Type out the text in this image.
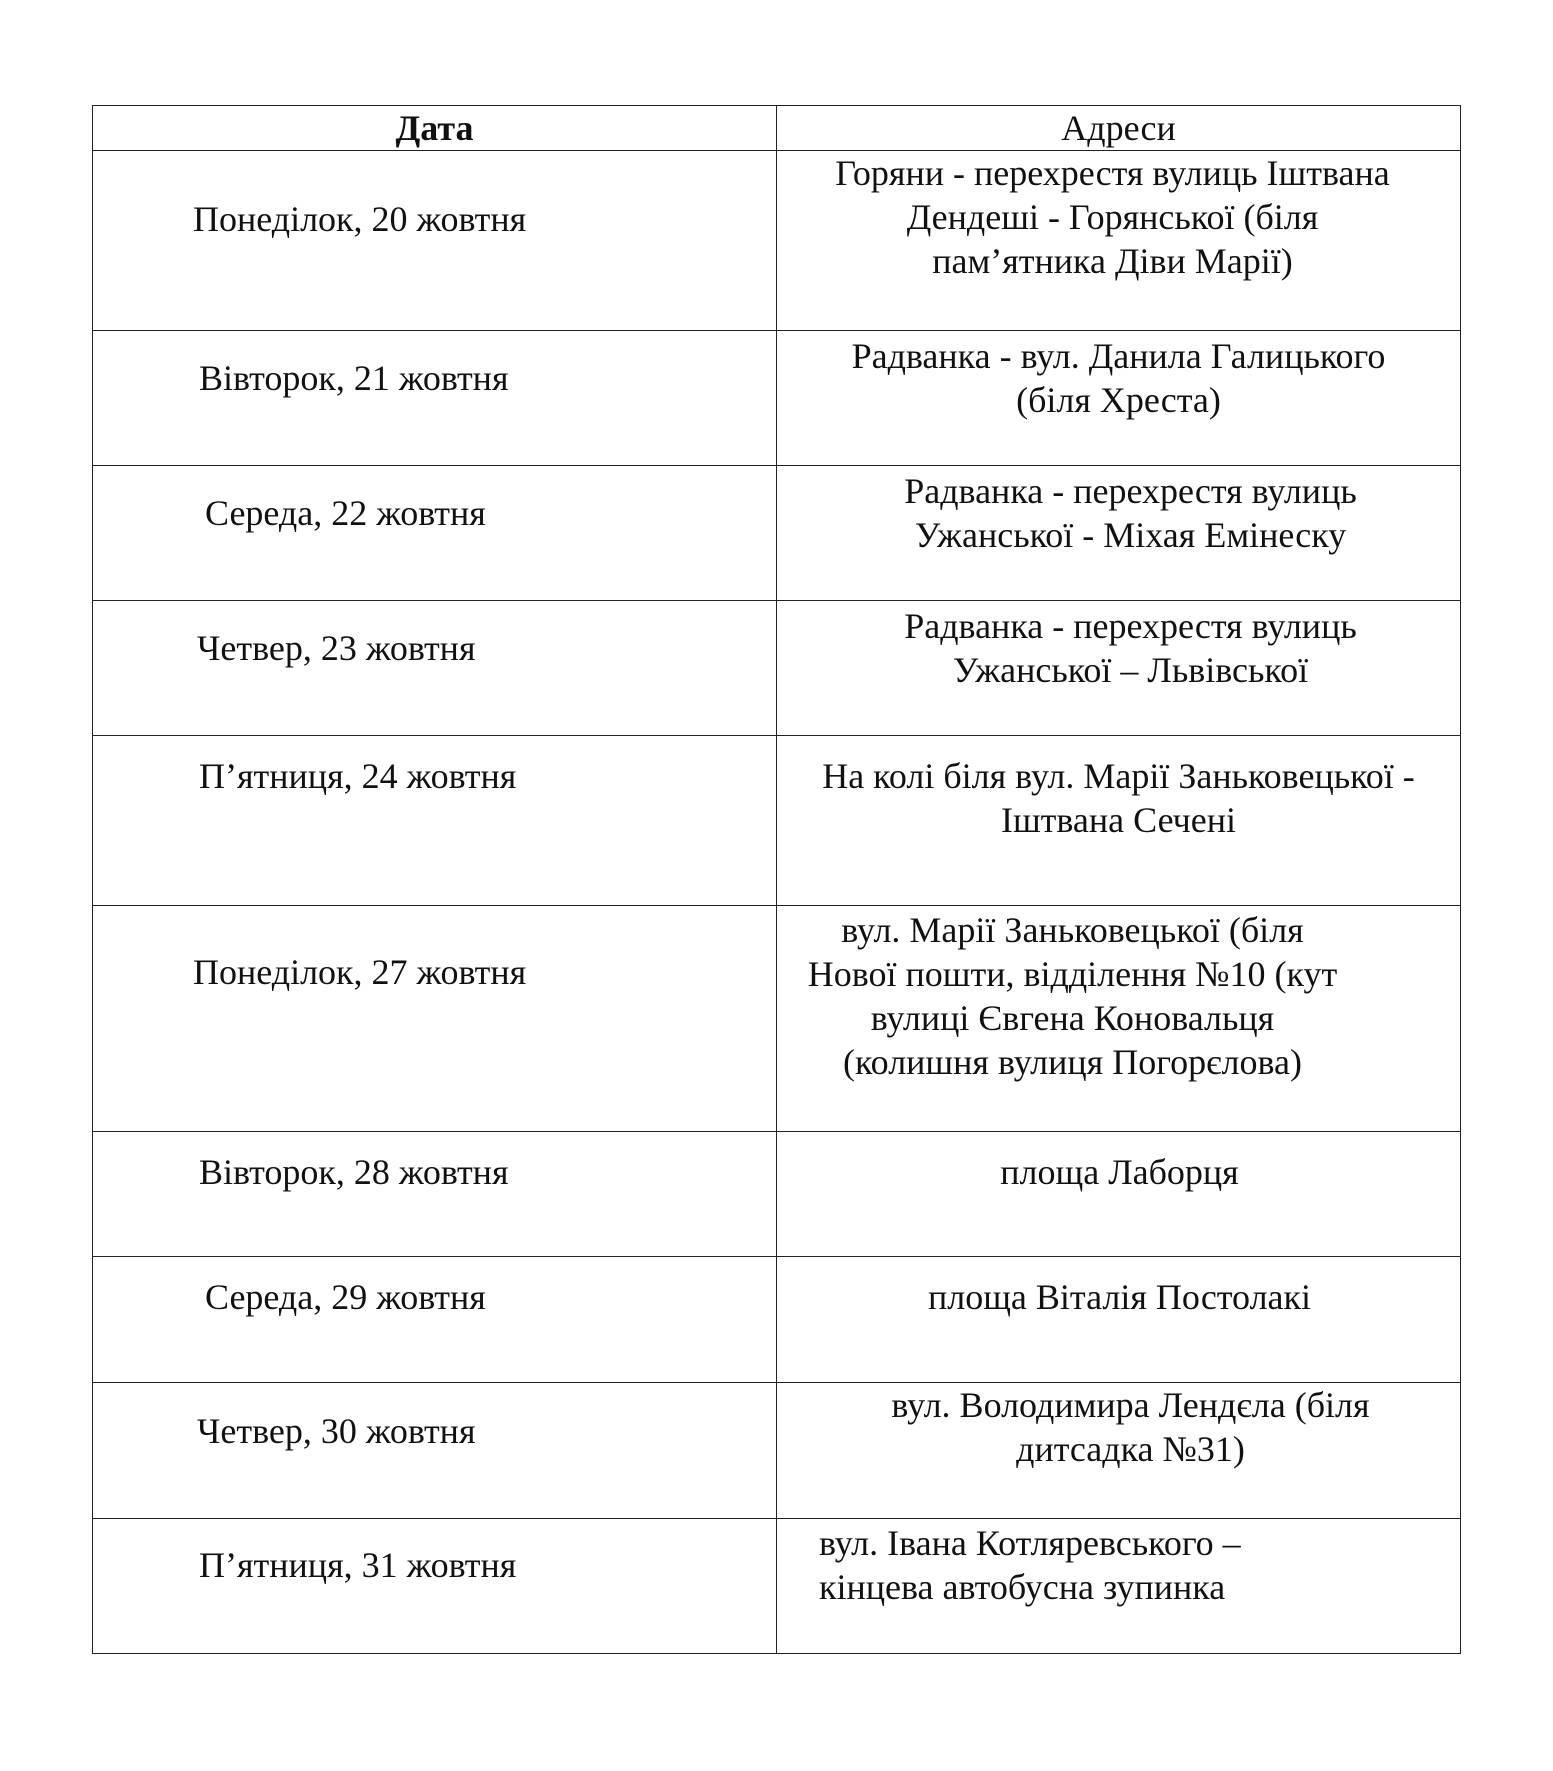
Дата	Адреси

Понеділок, 20 жовтня	Горяни - перехрестя вулиць Іштвана
Дендеші - Горянської (біля
пам’ятника Діви Марії)

Вівторок, 21 жовтня	Радванка - вул. Данила Галицького
(біля Хреста)

Середа, 22 жовтня	Радванка - перехрестя вулиць
Ужанської - Міхая Емінеску

Четвер, 23 жовтня	Радванка - перехрестя вулиць
Ужанської – Львівської

П’ятниця, 24 жовтня	На колі біля вул. Марії Заньковецької -
Іштвана Сечені

Понеділок, 27 жовтня	вул. Марії Заньковецької (біля
Нової пошти, відділення №10 (кут
вулиці Євгена Коновальця
(колишня вулиця Погорєлова)

Вівторок, 28 жовтня	площа Лаборця

Середа, 29 жовтня	площа Віталія Постолакі

Четвер, 30 жовтня	вул. Володимира Лендєла (біля
дитсадка №31)

П’ятниця, 31 жовтня	вул. Івана Котляревського –
кінцева автобусна зупинка
